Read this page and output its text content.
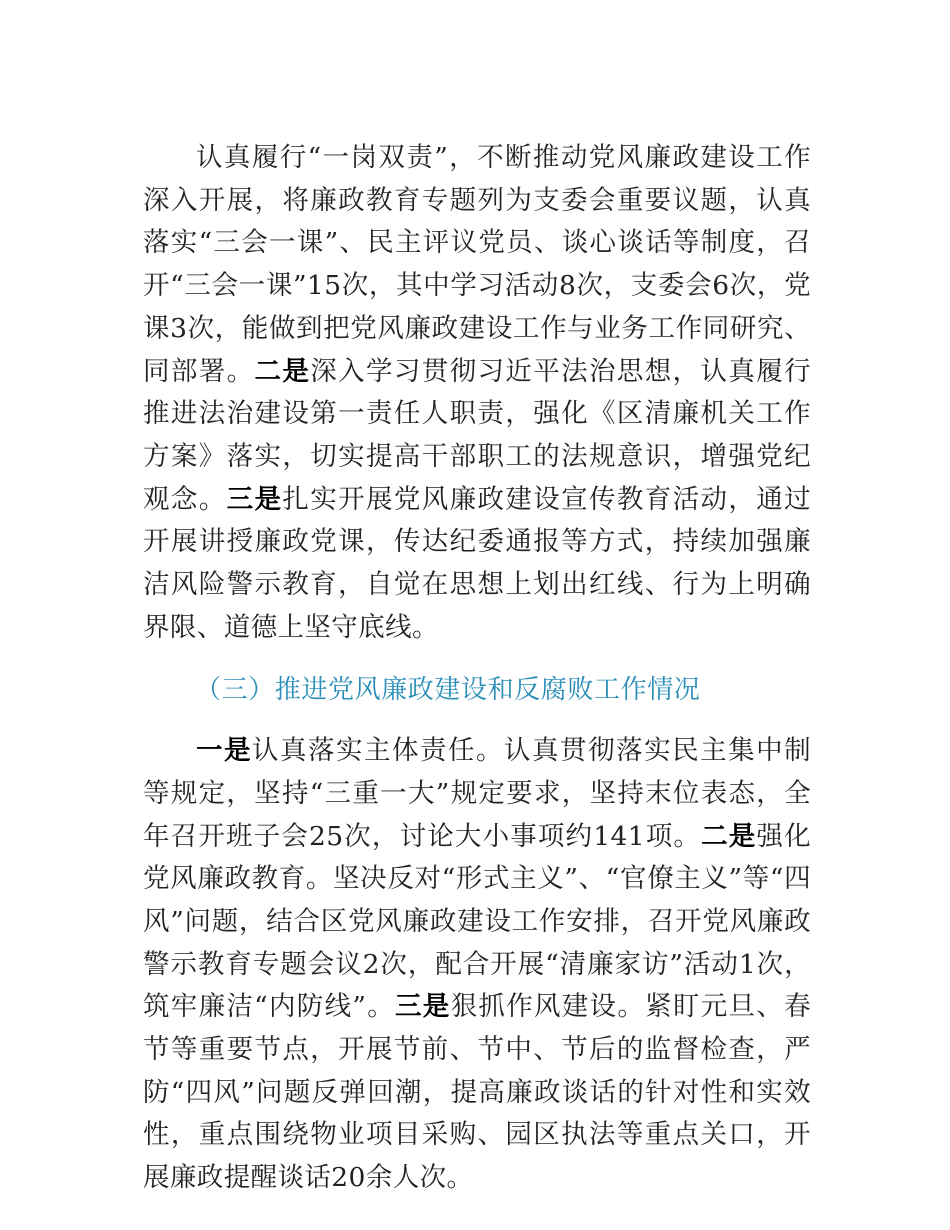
认真履行“一岗双责”，不断推动党风廉政建设工作深入开展，将廉政教育专题列为支委会重要议题，认真落实“三会一课”、民主评议党员、谈心谈话等制度，召开“三会一课”15次，其中学习活动8次，支委会6次，党课3次，能做到把党风廉政建设工作与业务工作同研究、同部署。二是深入学习贯彻习近平法治思想，认真履行推进法治建设第一责任人职责，强化《区清廉机关工作方案》落实，切实提高干部职工的法规意识，增强党纪观念。三是扎实开展党风廉政建设宣传教育活动，通过开展讲授廉政党课，传达纪委通报等方式，持续加强廉洁风险警示教育，自觉在思想上划出红线、行为上明确界限、道德上坚守底线。

（三）推进党风廉政建设和反腐败工作情况

一是认真落实主体责任。认真贯彻落实民主集中制等规定，坚持“三重一大”规定要求，坚持末位表态，全年召开班子会25次，讨论大小事项约141项。二是强化党风廉政教育。坚决反对“形式主义”、“官僚主义”等“四风”问题，结合区党风廉政建设工作安排，召开党风廉政警示教育专题会议2次，配合开展“清廉家访”活动1次，筑牢廉洁“内防线”。三是狠抓作风建设。紧盯元旦、春节等重要节点，开展节前、节中、节后的监督检查，严防“四风”问题反弹回潮，提高廉政谈话的针对性和实效性，重点围绕物业项目采购、园区执法等重点关口，开展廉政提醒谈话20余人次。
